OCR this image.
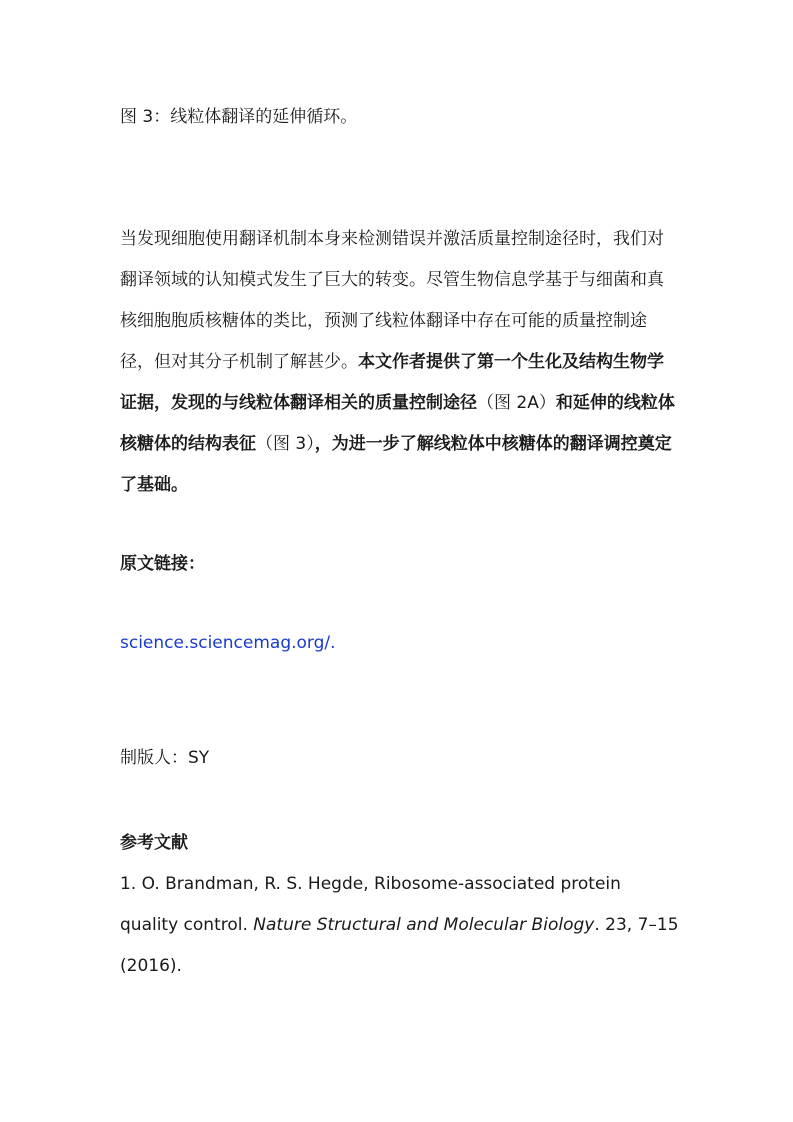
图 3：线粒体翻译的延伸循环。
当发现细胞使用翻译机制本身来检测错误并激活质量控制途径时，我们对翻译领域的认知模式发生了巨大的转变。尽管生物信息学基于与细菌和真核细胞胞质核糖体的类比，预测了线粒体翻译中存在可能的质量控制途径，但对其分子机制了解甚少。本文作者提供了第一个生化及结构生物学证据，发现的与线粒体翻译相关的质量控制途径（图 2A）和延伸的线粒体核糖体的结构表征（图 3），为进一步了解线粒体中核糖体的翻译调控奠定了基础。
原文链接：
science.sciencemag.org/.
制版人：SY
参考文献
1. O. Brandman, R. S. Hegde, Ribosome-associated protein quality control. Nature Structural and Molecular Biology. 23, 7–15 (2016).
